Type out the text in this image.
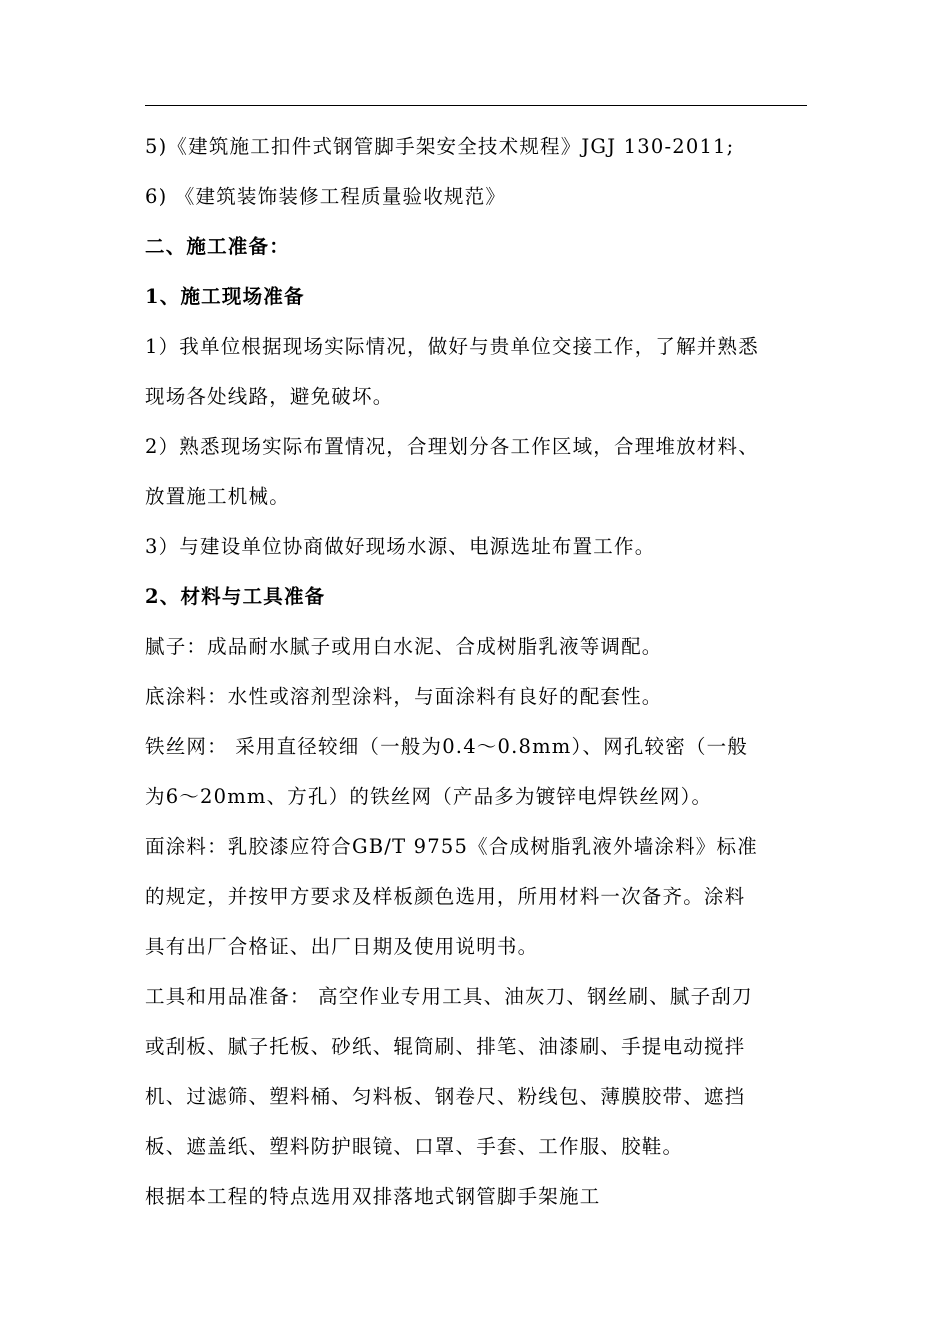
5)《建筑施工扣件式钢管脚手架安全技术规程》JGJ 130-2011;
6) 《建筑装饰装修工程质量验收规范》
二、施工准备：
1、施工现场准备
1）我单位根据现场实际情况，做好与贵单位交接工作，了解并熟悉
现场各处线路，避免破坏。
2）熟悉现场实际布置情况，合理划分各工作区域，合理堆放材料、
放置施工机械。
3）与建设单位协商做好现场水源、电源选址布置工作。
2、材料与工具准备
腻子：成品耐水腻子或用白水泥、合成树脂乳液等调配。
底涂料：水性或溶剂型涂料，与面涂料有良好的配套性。
铁丝网： 采用直径较细（一般为0.4～0.8mm）、网孔较密（一般
为6～20mm、方孔）的铁丝网（产品多为镀锌电焊铁丝网）。
面涂料：乳胶漆应符合GB/T 9755《合成树脂乳液外墙涂料》标准
的规定，并按甲方要求及样板颜色选用，所用材料一次备齐。涂料
具有出厂合格证、出厂日期及使用说明书。
工具和用品准备： 高空作业专用工具、油灰刀、钢丝刷、腻子刮刀
或刮板、腻子托板、砂纸、辊筒刷、排笔、油漆刷、手提电动搅拌
机、过滤筛、塑料桶、匀料板、钢卷尺、粉线包、薄膜胶带、遮挡
板、遮盖纸、塑料防护眼镜、口罩、手套、工作服、胶鞋。
根据本工程的特点选用双排落地式钢管脚手架施工
